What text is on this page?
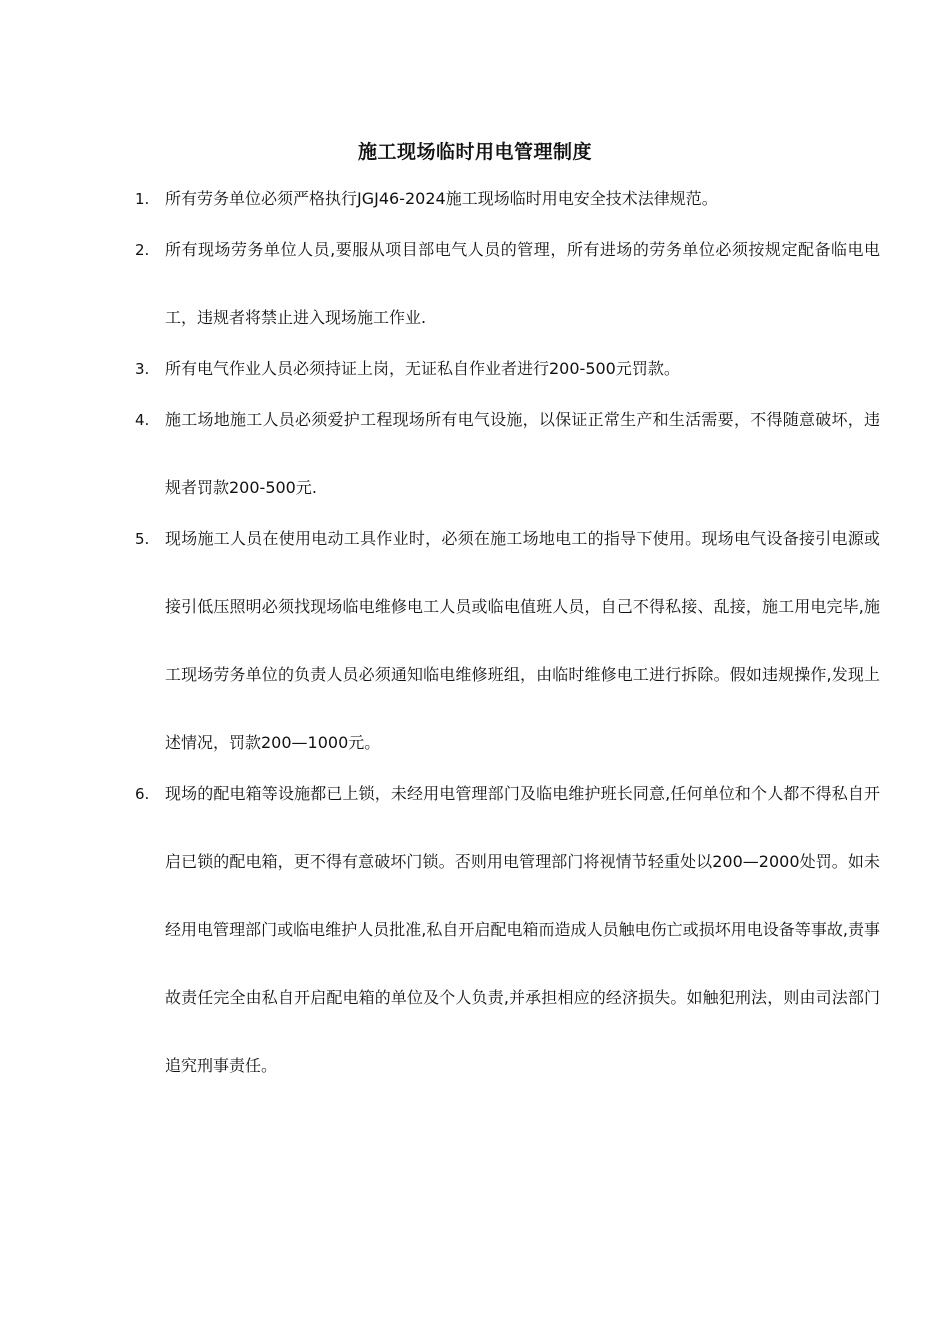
施工现场临时用电管理制度
1. 所有劳务单位必须严格执行JGJ46-2024施工现场临时用电安全技术法律规范。
2. 所有现场劳务单位人员,要服从项目部电气人员的管理，所有进场的劳务单位必须按规定配备临电电工，违规者将禁止进入现场施工作业.
3. 所有电气作业人员必须持证上岗，无证私自作业者进行200-500元罚款。
4. 施工场地施工人员必须爱护工程现场所有电气设施，以保证正常生产和生活需要，不得随意破坏，违规者罚款200-500元.
5. 现场施工人员在使用电动工具作业时，必须在施工场地电工的指导下使用。现场电气设备接引电源或接引低压照明必须找现场临电维修电工人员或临电值班人员，自己不得私接、乱接，施工用电完毕,施工现场劳务单位的负责人员必须通知临电维修班组，由临时维修电工进行拆除。假如违规操作,发现上述情况，罚款200—1000元。
6. 现场的配电箱等设施都已上锁，未经用电管理部门及临电维护班长同意,任何单位和个人都不得私自开启已锁的配电箱，更不得有意破坏门锁。否则用电管理部门将视情节轻重处以200—2000处罚。如未经用电管理部门或临电维护人员批准,私自开启配电箱而造成人员触电伤亡或损坏用电设备等事故,责事故责任完全由私自开启配电箱的单位及个人负责,并承担相应的经济损失。如触犯刑法，则由司法部门追究刑事责任。
